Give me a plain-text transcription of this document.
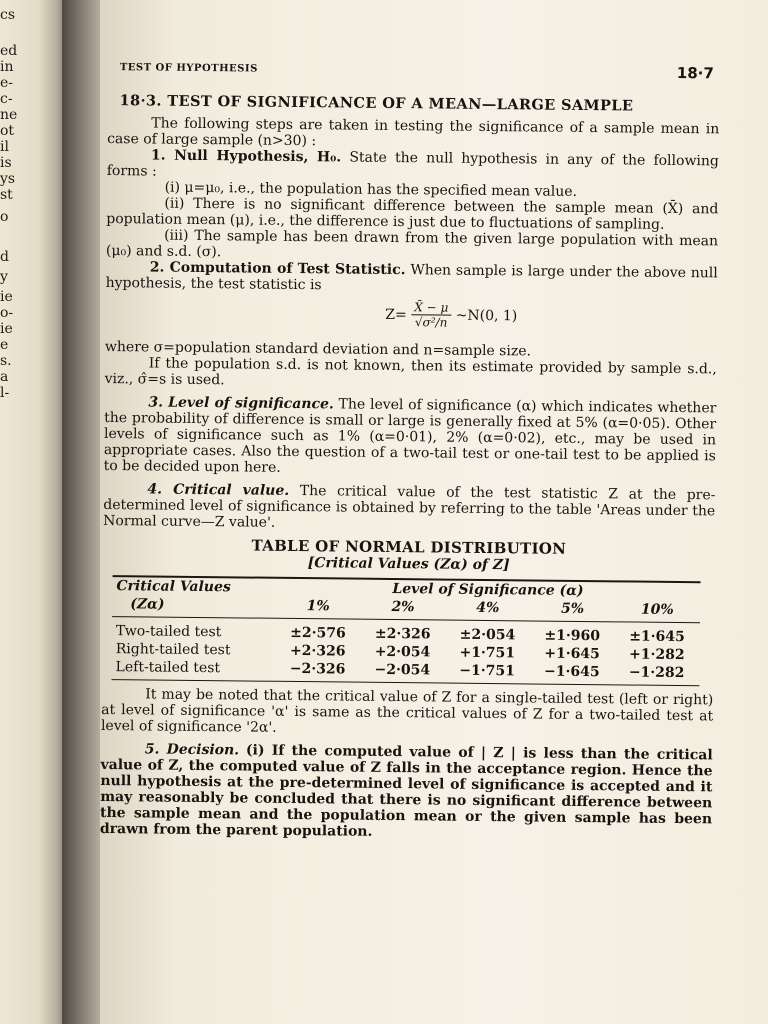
cs
ed
in
e-
c-
ne
ot
il
is
ys
st
o
d
y
ie
o-
ie
e
s.
a
l-
TEST OF HYPOTHESIS	18·7
18·3. TEST OF SIGNIFICANCE OF A MEAN—LARGE SAMPLE

The following steps are taken in testing the significance of a sample mean in case of large sample (n>30) :

1. Null Hypothesis, H₀. State the null hypothesis in any of the following forms :

(i) μ=μ₀, i.e., the population has the specified mean value.

(ii) There is no significant difference between the sample mean (X̄) and population mean (μ), i.e., the difference is just due to fluctuations of sampling.

(iii) The sample has been drawn from the given large population with mean (μ₀) and s.d. (σ).

2. Computation of Test Statistic. When sample is large under the above null hypothesis, the test statistic is

$Z= \frac{X̄ - \mu}{\text{√σ²/n}}$ ~N(0, 1)

where σ=population standard deviation and n=sample size.

If the population s.d. is not known, then its estimate provided by sample s.d., viz., σ̂=s is used.

3. Level of significance. The level of significance (α) which indicates whether the probability of difference is small or large is generally fixed at 5% (α=0·05). Other levels of significance such as 1% (α=0·01), 2% (α=0·02), etc., may be used in appropriate cases. Also the question of a two-tail test or one-tail test to be applied is to be decided upon here.

4. Critical value. The critical value of the test statistic Z at the pre-determined level of significance is obtained by referring to the table 'Areas under the Normal curve—Z value'.

TABLE OF NORMAL DISTRIBUTION
[Critical Values (Zα) of Z]
Critical Values	Level of Significance (α)				
(Zα)	1%	2%	4%	5%	10%
Two-tailed test	±2·576	±2·326	±2·054	±1·960	±1·645
Right-tailed test	+2·326	+2·054	+1·751	+1·645	+1·282
Left-tailed test	−2·326	−2·054	−1·751	−1·645	−1·282

It may be noted that the critical value of Z for a single-tailed test (left or right) at level of significance 'α' is same as the critical values of Z for a two-tailed test at level of significance '2α'.

5. Decision. (i) If the computed value of | Z | is less than the critical value of Z, the computed value of Z falls in the acceptance region. Hence the null hypothesis at the pre-determined level of significance is accepted and it may reasonably be concluded that there is no significant difference between the sample mean and the population mean or the given sample has been drawn from the parent population.
